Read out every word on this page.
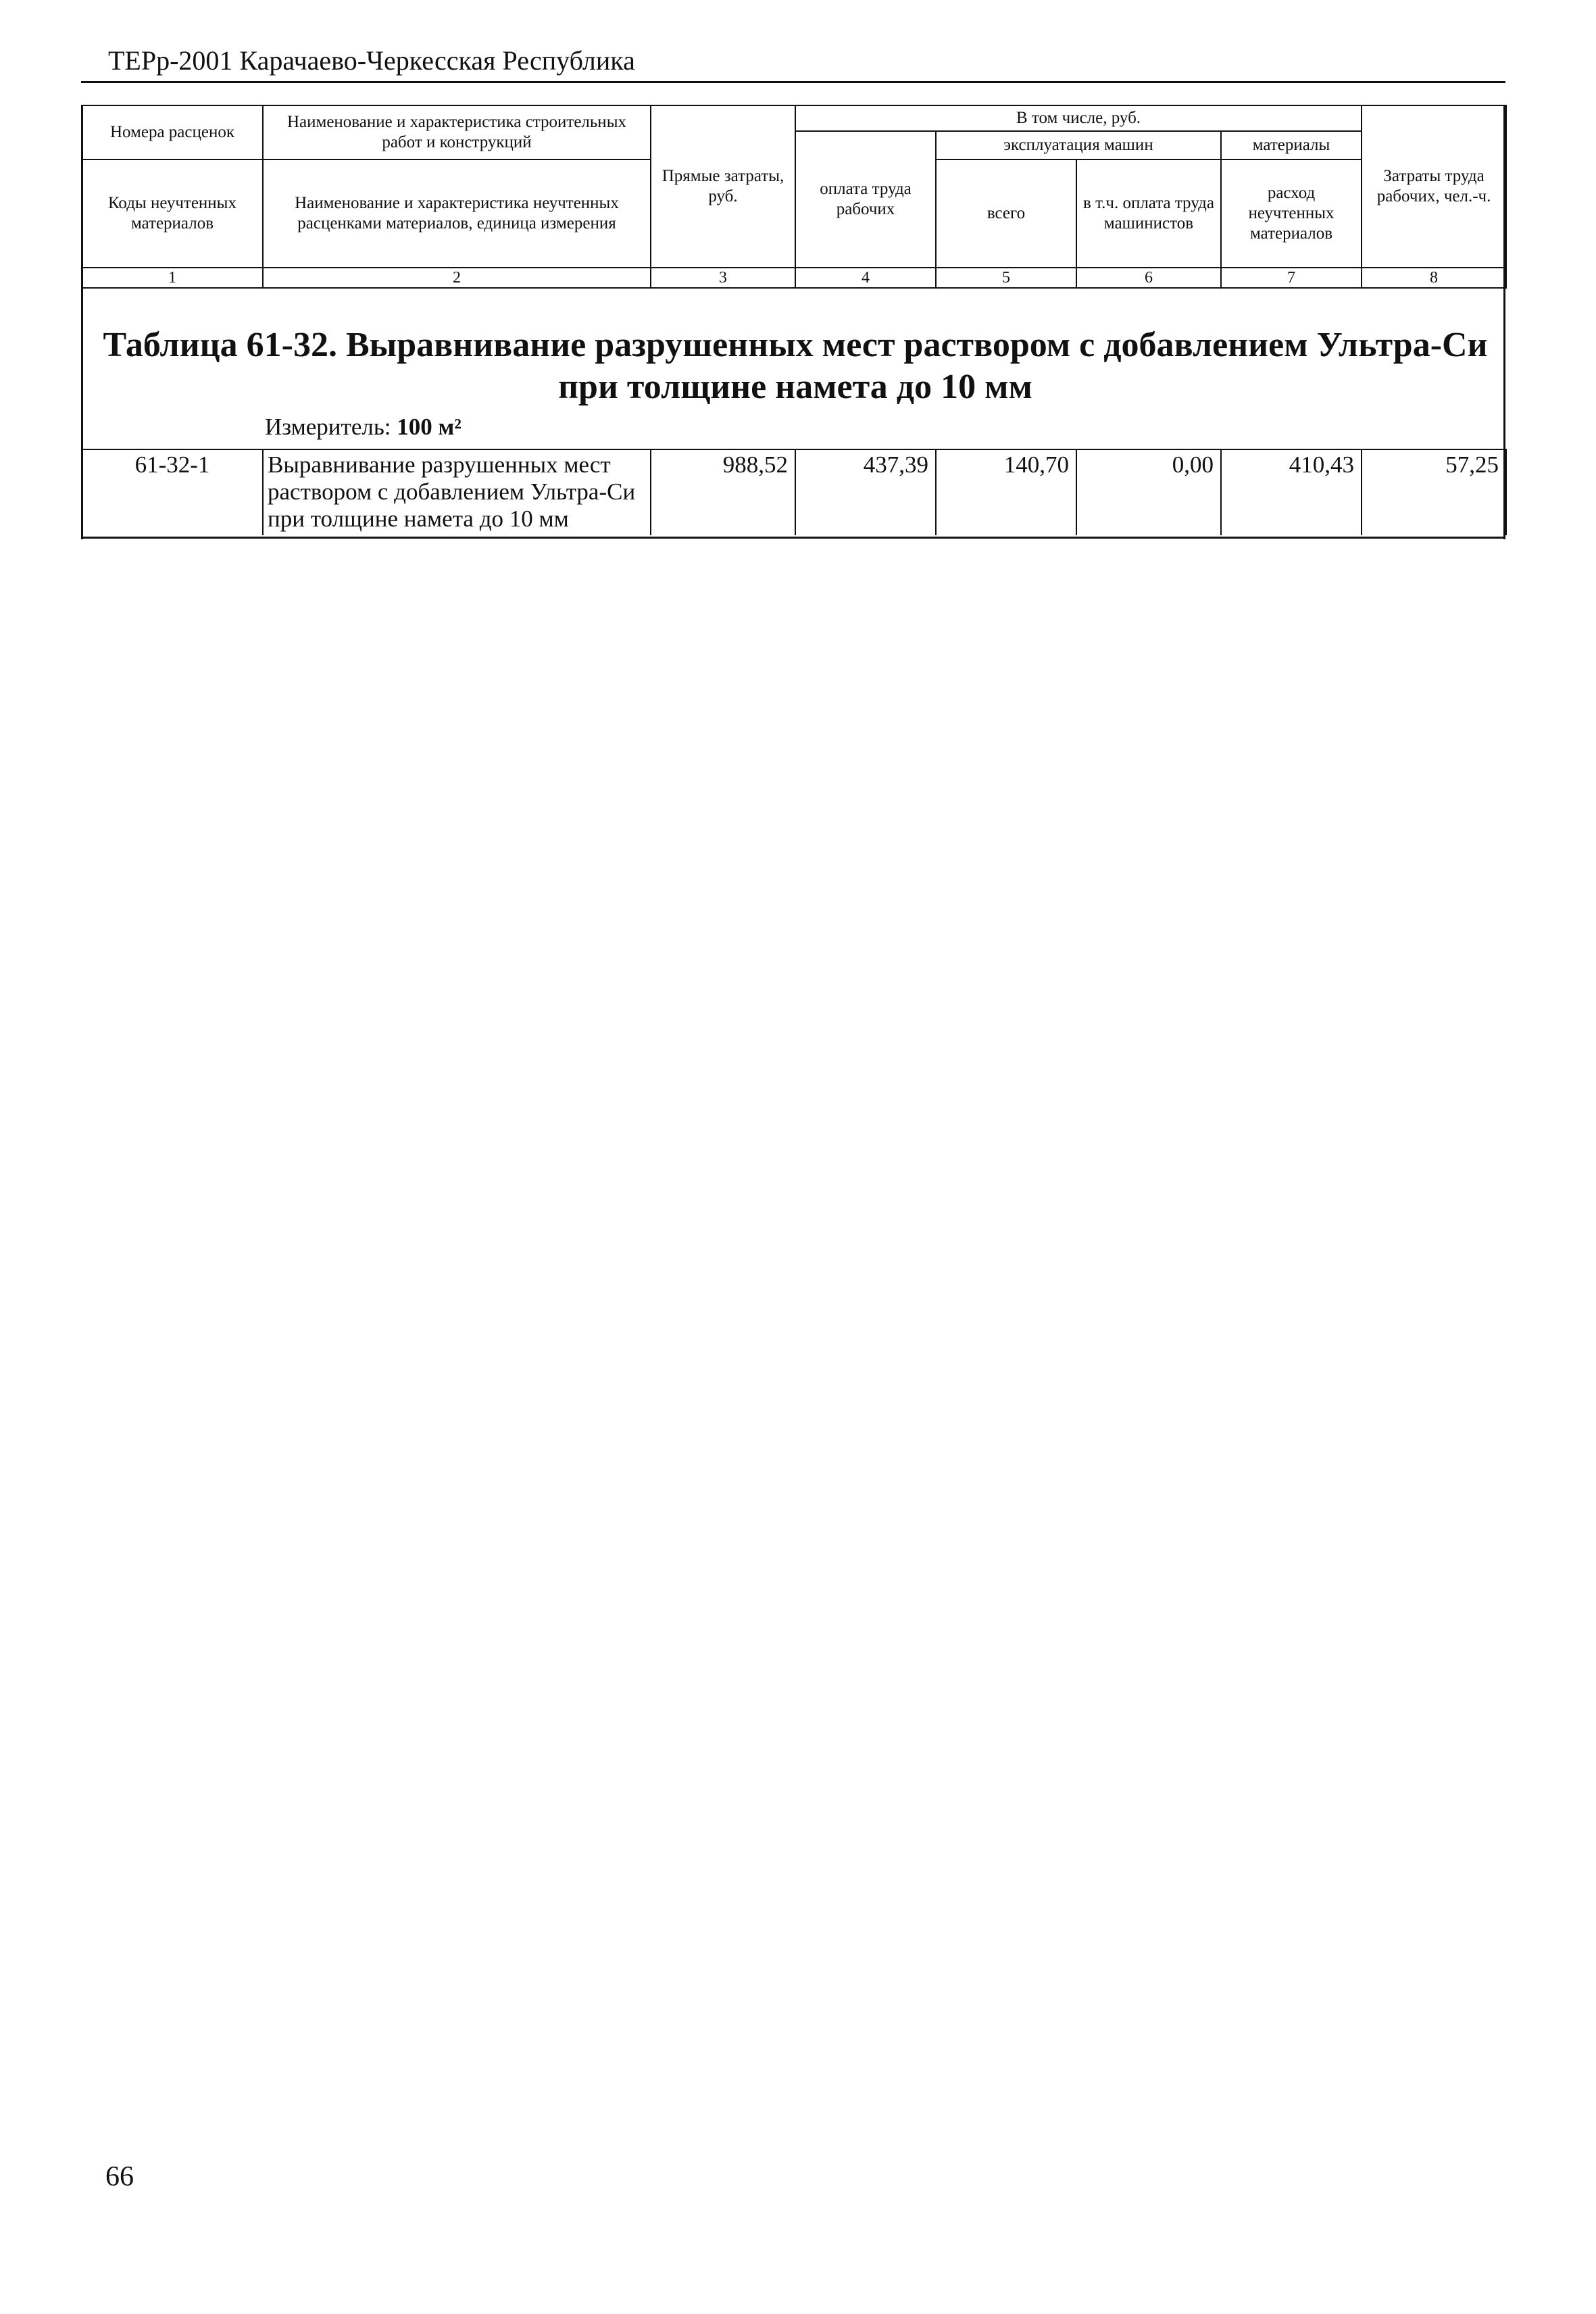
ТЕРр-2001 Карачаево-Черкесская Республика
Номера расценок	Наименование и характеристика строительных работ и конструкций	Прямые затраты, руб.	В том числе, руб.				Затраты труда рабочих, чел.-ч.
			оплата труда рабочих	эксплуатация машин		материалы	
Коды неучтенных материалов	Наименование и характеристика неучтенных расценками материалов, единица измерения			всего	в т.ч. оплата труда машинистов	расход неучтенных материалов	

1	2	3	4	5	6	7	8
Таблица 61-32. Выравнивание разрушенных мест раствором с добавлением Ультра-Си при толщине намета до 10 мм
Измеритель: 100 м²
61-32-1	Выравнивание разрушенных мест раствором с добавлением Ультра-Си при толщине намета до 10 мм	988,52	437,39	140,70	0,00	410,43	57,25
66
